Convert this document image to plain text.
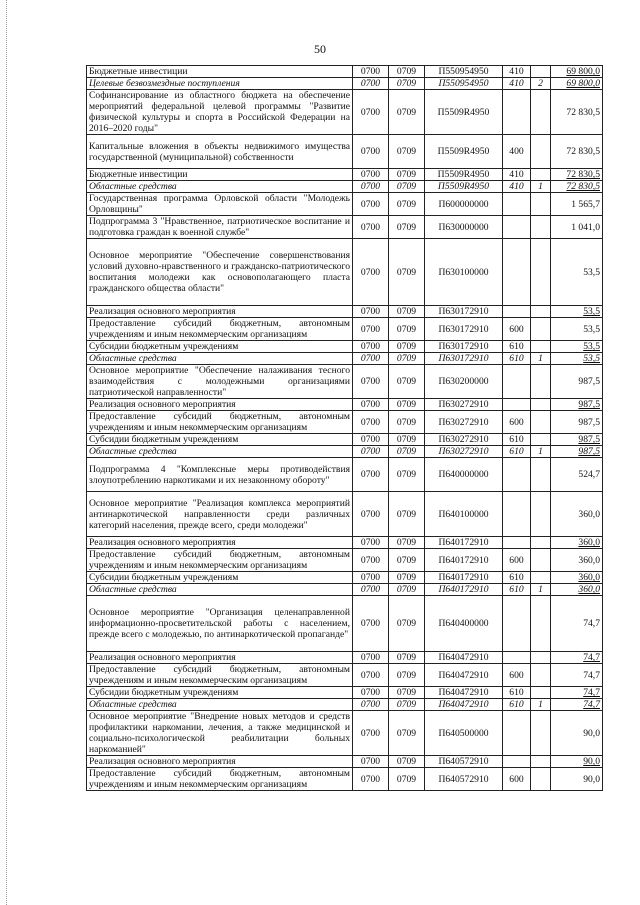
50
Бюджетные инвестиции	0700	0709	П550954950	410		69 800,0
Целевые безвозмездные поступления	0700	0709	П550954950	410	2	69 800,0
Софинансирование из областного бюджета на обеспечение мероприятий федеральной целевой программы "Развитие физической культуры и спорта в Российской Федерации на 2016–2020 годы"	0700	0709	П5509R4950			72 830,5
Капитальные вложения в объекты недвижимого имущества государственной (муниципальной) собственности	0700	0709	П5509R4950	400		72 830,5
Бюджетные инвестиции	0700	0709	П5509R4950	410		72 830,5
Областные средства	0700	0709	П5509R4950	410	1	72 830,5
Государственная программа Орловской области "Молодежь Орловщины"	0700	0709	П600000000			1 565,7
Подпрограмма 3 "Нравственное, патриотическое воспитание и подготовка граждан к военной службе"	0700	0709	П630000000			1 041,0
Основное мероприятие "Обеспечение совершенствования условий духовно-нравственного и гражданско-патриотического воспитания молодежи как основополагающего пласта гражданского общества области"	0700	0709	П630100000			53,5
Реализация основного мероприятия	0700	0709	П630172910			53,5
Предоставление субсидий бюджетным, автономным учреждениям и иным некоммерческим организациям	0700	0709	П630172910	600		53,5
Субсидии бюджетным учреждениям	0700	0709	П630172910	610		53,5
Областные средства	0700	0709	П630172910	610	1	53,5
Основное мероприятие "Обеспечение налаживания тесного взаимодействия с молодежными организациями патриотической направленности"	0700	0709	П630200000			987,5
Реализация основного мероприятия	0700	0709	П630272910			987,5
Предоставление субсидий бюджетным, автономным учреждениям и иным некоммерческим организациям	0700	0709	П630272910	600		987,5
Субсидии бюджетным учреждениям	0700	0709	П630272910	610		987,5
Областные средства	0700	0709	П630272910	610	1	987,5
Подпрограмма 4 "Комплексные меры противодействия злоупотреблению наркотиками и их незаконному обороту"	0700	0709	П640000000			524,7
Основное мероприятие "Реализация комплекса мероприятий антинаркотической направленности среди различных категорий населения, прежде всего, среди молодежи"	0700	0709	П640100000			360,0
Реализация основного мероприятия	0700	0709	П640172910			360,0
Предоставление субсидий бюджетным, автономным учреждениям и иным некоммерческим организациям	0700	0709	П640172910	600		360,0
Субсидии бюджетным учреждениям	0700	0709	П640172910	610		360,0
Областные средства	0700	0709	П640172910	610	1	360,0
Основное мероприятие "Организация целенаправленной информационно-просветительской работы с населением, прежде всего с молодежью, по антинаркотической пропаганде"	0700	0709	П640400000			74,7
Реализация основного мероприятия	0700	0709	П640472910			74,7
Предоставление субсидий бюджетным, автономным учреждениям и иным некоммерческим организациям	0700	0709	П640472910	600		74,7
Субсидии бюджетным учреждениям	0700	0709	П640472910	610		74,7
Областные средства	0700	0709	П640472910	610	1	74,7
Основное мероприятие "Внедрение новых методов и средств профилактики наркомании, лечения, а также медицинской и социально-психологической реабилитации больных наркоманией"	0700	0709	П640500000			90,0
Реализация основного мероприятия	0700	0709	П640572910			90,0
Предоставление субсидий бюджетным, автономным учреждениям и иным некоммерческим организациям	0700	0709	П640572910	600		90,0
